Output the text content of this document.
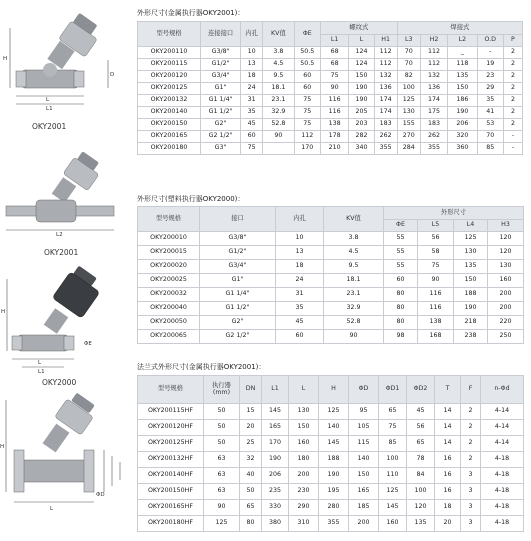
H
L
L1
D
OKY2001
L2
OKY2001
H
L
L1
ΦE
OKY2000
H
L
ΦD
外形尺寸(金属执行器OKY2001)：
型号规格	连接接口	内孔	KV值	ΦE	螺纹式			焊接式				
					L1	L	H1	L3	H2	L2	O.D	P
OKY200110	G3/8"	10	3.8	50.5	68	124	112	70	112	_	-	2
OKY200115	G1/2"	13	4.5	50.5	68	124	112	70	112	118	19	2
OKY200120	G3/4"	18	9.5	60	75	150	132	82	132	135	23	2
OKY200125	G1"	24	18.1	60	90	190	136	100	136	150	29	2
OKY200132	G1 1/4"	31	23.1	75	116	190	174	125	174	186	35	2
OKY200140	G1 1/2"	35	32.9	75	116	205	174	130	175	190	41	2
OKY200150	G2"	45	52.8	75	138	203	183	155	183	206	53	2
OKY200165	G2 1/2"	60	90	112	178	282	262	270	262	320	70	-
OKY200180	G3"	75		170	210	340	355	284	355	360	85	-
外形尺寸(塑料执行器OKY2000)：
型号规格	接口	内孔	KV值	外形尺寸			
				ΦE	L5	L4	H3
OKY200010	G3/8"	10	3.8	55	56	125	120
OKY200015	G1/2"	13	4.5	55	58	130	120
OKY200020	G3/4"	18	9.5	55	75	135	130
OKY200025	G1"	24	18.1	60	90	150	160
OKY200032	G1 1/4"	31	23.1	80	116	188	200
OKY200040	G1 1/2"	35	32.9	80	116	190	200
OKY200050	G2"	45	52.8	80	138	218	220
OKY200065	G2 1/2"	60	90	98	168	238	250
法兰式外形尺寸(金属执行器OKY2001)：
型号规格	执行器(mm)	DN	L1	L	H	ΦD	ΦD1	ΦD2	T	F	n-Φd
OKY200115HF	50	15	145	130	125	95	65	45	14	2	4-14
OKY200120HF	50	20	165	150	140	105	75	56	14	2	4-14
OKY200125HF	50	25	170	160	145	115	85	65	14	2	4-14
OKY200132HF	63	32	190	180	188	140	100	78	16	2	4-18
OKY200140HF	63	40	206	200	190	150	110	84	16	3	4-18
OKY200150HF	63	50	235	230	195	165	125	100	16	3	4-18
OKY200165HF	90	65	330	290	280	185	145	120	18	3	4-18
OKY200180HF	125	80	380	310	355	200	160	135	20	3	4-18
